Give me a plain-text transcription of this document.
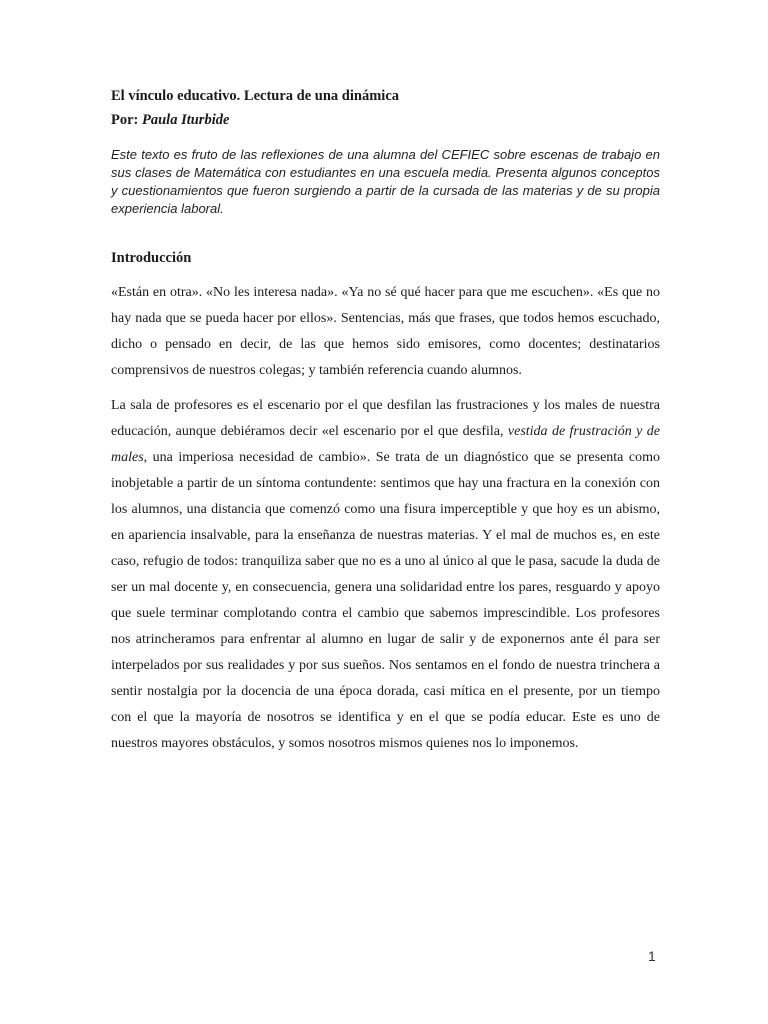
El vínculo educativo. Lectura de una dinámica

Por: Paula Iturbide

Este texto es fruto de las reflexiones de una alumna del CEFIEC sobre escenas de trabajo en sus clases de Matemática con estudiantes en una escuela media. Presenta algunos conceptos y cuestionamientos que fueron surgiendo a partir de la cursada de las materias y de su propia experiencia laboral.

Introducción

«Están en otra». «No les interesa nada». «Ya no sé qué hacer para que me escuchen». «Es que no hay nada que se pueda hacer por ellos». Sentencias, más que frases, que todos hemos escuchado, dicho o pensado en decir, de las que hemos sido emisores, como docentes; destinatarios comprensivos de nuestros colegas; y también referencia cuando alumnos.

La sala de profesores es el escenario por el que desfilan las frustraciones y los males de nuestra educación, aunque debiéramos decir «el escenario por el que desfila, vestida de frustración y de males, una imperiosa necesidad de cambio». Se trata de un diagnóstico que se presenta como inobjetable a partir de un síntoma contundente: sentimos que hay una fractura en la conexión con los alumnos, una distancia que comenzó como una fisura imperceptible y que hoy es un abismo, en apariencia insalvable, para la enseñanza de nuestras materias. Y el mal de muchos es, en este caso, refugio de todos: tranquiliza saber que no es a uno al único al que le pasa, sacude la duda de ser un mal docente y, en consecuencia, genera una solidaridad entre los pares, resguardo y apoyo que suele terminar complotando contra el cambio que sabemos imprescindible. Los profesores nos atrincheramos para enfrentar al alumno en lugar de salir y de exponernos ante él para ser interpelados por sus realidades y por sus sueños. Nos sentamos en el fondo de nuestra trinchera a sentir nostalgia por la docencia de una época dorada, casi mítica en el presente, por un tiempo con el que la mayoría de nosotros se identifica y en el que se podía educar. Este es uno de nuestros mayores obstáculos, y somos nosotros mismos quienes nos lo imponemos.

1
